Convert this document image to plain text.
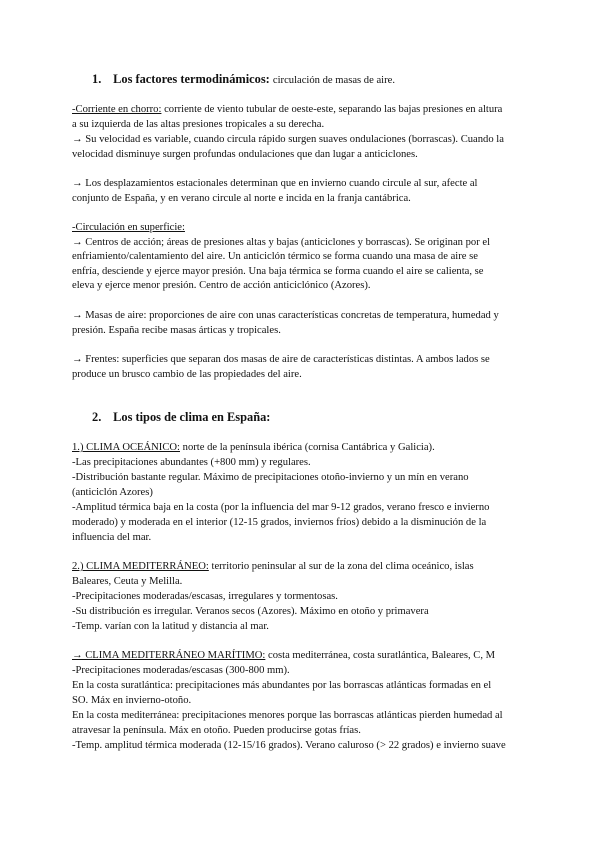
1. Los factores termodinámicos: circulación de masas de aire.
-Corriente en chorro: corriente de viento tubular de oeste-este, separando las bajas presiones en altura
a su izquierda de las altas presiones tropicales a su derecha.
→ Su velocidad es variable, cuando circula rápido surgen suaves ondulaciones (borrascas). Cuando la
velocidad disminuye surgen profundas ondulaciones que dan lugar a anticiclones.
→ Los desplazamientos estacionales determinan que en invierno cuando circule al sur, afecte al
conjunto de España, y en verano circule al norte e incida en la franja cantábrica.
-Circulación en superficie:
→ Centros de acción; áreas de presiones altas y bajas (anticiclones y borrascas). Se originan por el
enfriamiento/calentamiento del aire. Un anticiclón térmico se forma cuando una masa de aire se
enfría, desciende y ejerce mayor presión. Una baja térmica se forma cuando el aire se calienta, se
eleva y ejerce menor presión. Centro de acción anticiclónico (Azores).
→ Masas de aire: proporciones de aire con unas características concretas de temperatura, humedad y
presión. España recibe masas árticas y tropicales.
→ Frentes: superficies que separan dos masas de aire de características distintas. A ambos lados se
produce un brusco cambio de las propiedades del aire.
2. Los tipos de clima en España:
1.) CLIMA OCEÁNICO: norte de la península ibérica (cornisa Cantábrica y Galicia).
-Las precipitaciones abundantes (+800 mm) y regulares.
-Distribución bastante regular. Máximo de precipitaciones otoño-invierno y un mín en verano
(anticiclón Azores)
-Amplitud térmica baja en la costa (por la influencia del mar 9-12 grados, verano fresco e invierno
moderado) y moderada en el interior (12-15 grados, inviernos fríos) debido a la disminución de la
influencia del mar.
2.) CLIMA MEDITERRÁNEO: territorio peninsular al sur de la zona del clima oceánico, islas
Baleares, Ceuta y Melilla.
-Precipitaciones moderadas/escasas, irregulares y tormentosas.
-Su distribución es irregular. Veranos secos (Azores). Máximo en otoño y primavera
-Temp. varían con la latitud y distancia al mar.
→ CLIMA MEDITERRÁNEO MARÍTIMO: costa mediterránea, costa suratlántica, Baleares, C, M
-Precipitaciones moderadas/escasas (300-800 mm).
En la costa suratlántica: precipitaciones más abundantes por las borrascas atlánticas formadas en el
SO. Máx en invierno-otoño.
En la costa mediterránea: precipitaciones menores porque las borrascas atlánticas pierden humedad al
atravesar la península. Máx en otoño. Pueden producirse gotas frías.
-Temp. amplitud térmica moderada (12-15/16 grados). Verano caluroso (> 22 grados) e invierno suave
